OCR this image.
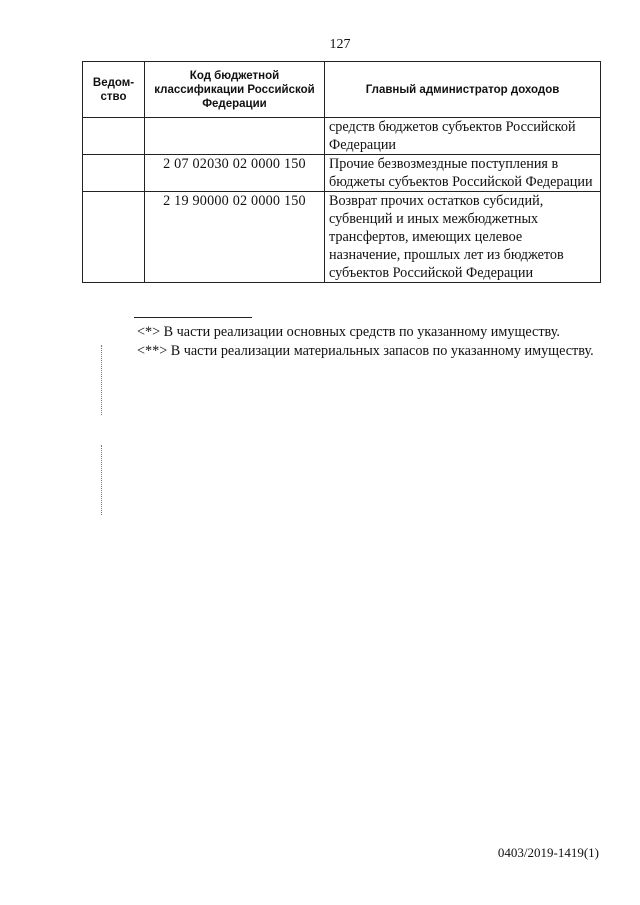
127
Ведом-ство	Код бюджетной классификации Российской Федерации	Главный администратор доходов
		средств бюджетов субъектов Российской Федерации
	2 07 02030 02 0000 150	Прочие безвозмездные поступления в бюджеты субъектов Российской Федерации
	2 19 90000 02 0000 150	Возврат прочих остатков субсидий, субвенций и иных межбюджетных трансфертов, имеющих целевое назначение, прошлых лет из бюджетов субъектов Российской Федерации

<*> В части реализации основных средств по указанному имуществу.

<**> В части реализации материальных запасов по указанному имуществу.

0403/2019-1419(1)
